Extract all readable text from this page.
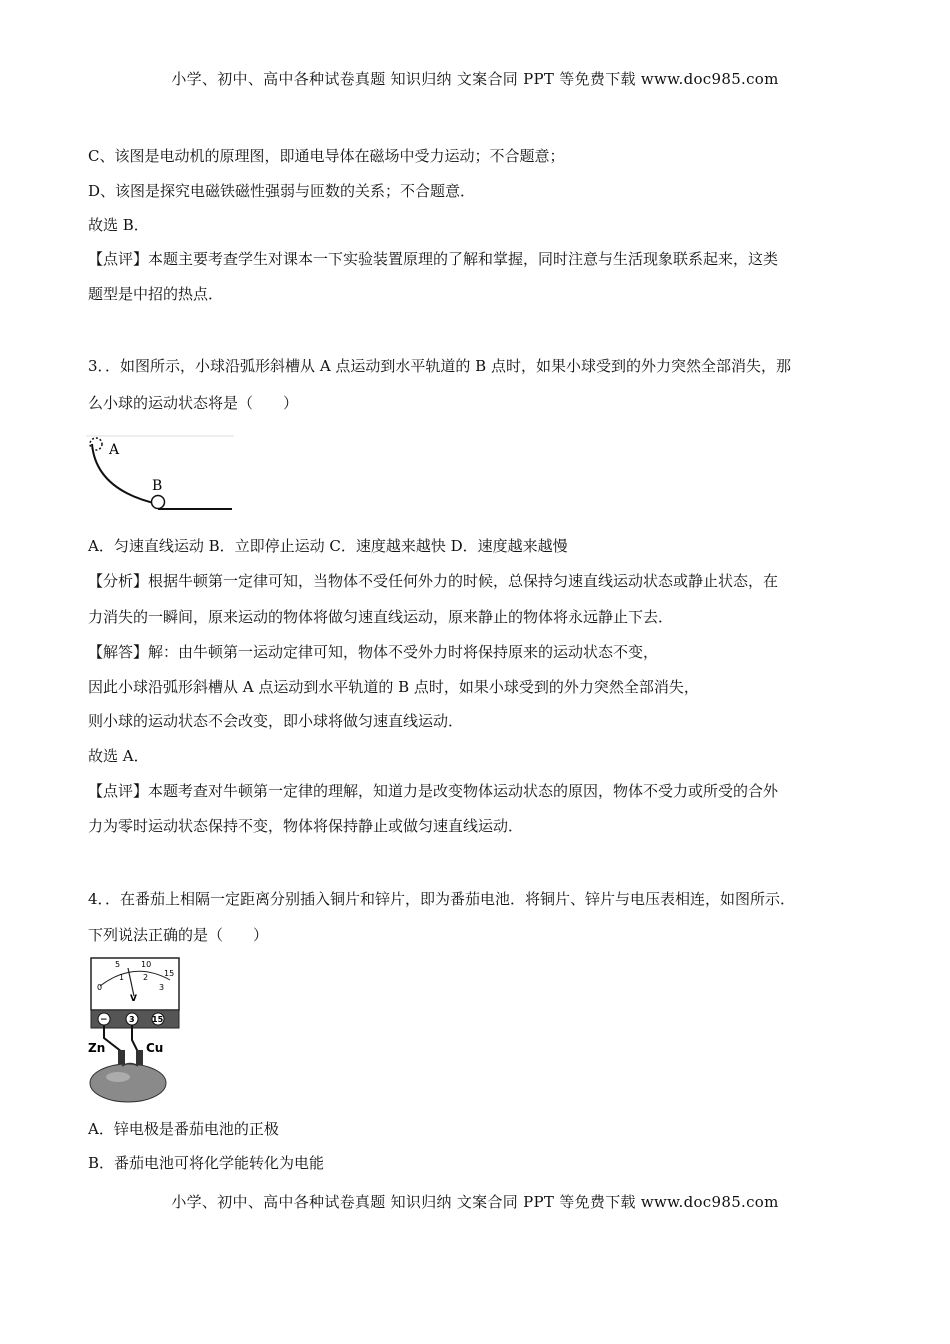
小学、初中、高中各种试卷真题 知识归纳 文案合同 PPT 等免费下载 www.doc985.com
C、该图是电动机的原理图，即通电导体在磁场中受力运动；不合题意；
D、该图是探究电磁铁磁性强弱与匝数的关系；不合题意．
故选 B．
【点评】本题主要考查学生对课本一下实验装置原理的了解和掌握，同时注意与生活现象联系起来，这类
题型是中招的热点．
3．．如图所示，小球沿弧形斜槽从 A 点运动到水平轨道的 B 点时，如果小球受到的外力突然全部消失，那
么小球的运动状态将是（　　）
A
B
A．匀速直线运动 B．立即停止运动 C．速度越来越快 D．速度越来越慢
【分析】根据牛顿第一定律可知，当物体不受任何外力的时候，总保持匀速直线运动状态或静止状态，在
力消失的一瞬间，原来运动的物体将做匀速直线运动，原来静止的物体将永远静止下去．
【解答】解：由牛顿第一运动定律可知，物体不受外力时将保持原来的运动状态不变，
因此小球沿弧形斜槽从 A 点运动到水平轨道的 B 点时，如果小球受到的外力突然全部消失，
则小球的运动状态不会改变，即小球将做匀速直线运动．
故选 A．
【点评】本题考查对牛顿第一定律的理解，知道力是改变物体运动状态的原因，物体不受力或所受的合外
力为零时运动状态保持不变，物体将保持静止或做匀速直线运动．
4．．在番茄上相隔一定距离分别插入铜片和锌片，即为番茄电池．将铜片、锌片与电压表相连，如图所示．
下列说法正确的是（　　）
5	10
15
0
1 2
3
V
−	3 15
Zn	Cu
A．锌电极是番茄电池的正极
B．番茄电池可将化学能转化为电能
小学、初中、高中各种试卷真题 知识归纳 文案合同 PPT 等免费下载 www.doc985.com
